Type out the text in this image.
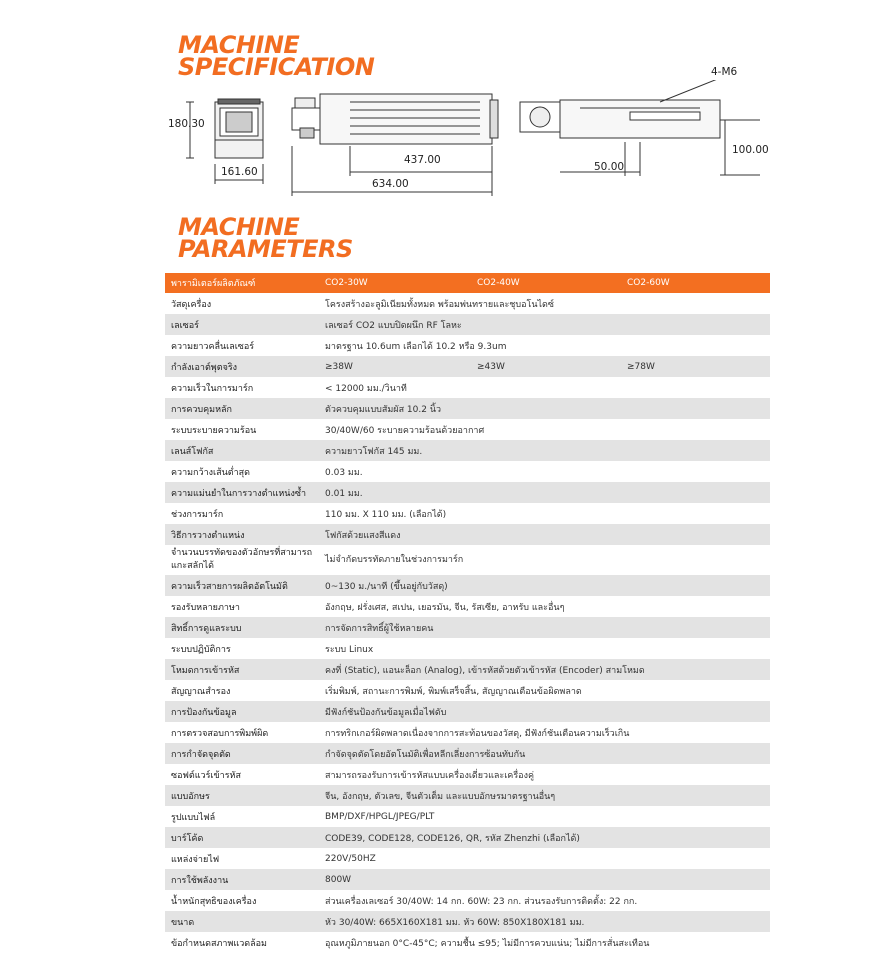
MACHINE
SPECIFICATION
MACHINE
PARAMETERS
180.30
161.60
437.00
634.00
4-M6
50.00
100.00
พารามิเตอร์ผลิตภัณฑ์	CO2-30W	CO2-40W	CO2-60W
วัสดุเครื่อง	โครงสร้างอะลูมิเนียมทั้งหมด พร้อมพ่นทรายและชุบอโนไดซ์		
เลเซอร์	เลเซอร์ CO2 แบบปิดผนึก RF โลหะ		
ความยาวคลื่นเลเซอร์	มาตรฐาน 10.6um เลือกได้ 10.2 หรือ 9.3um		
กำลังเอาต์พุตจริง	≥38W	≥43W	≥78W
ความเร็วในการมาร์ก	< 12000 มม./วินาที		
การควบคุมหลัก	ตัวควบคุมแบบสัมผัส 10.2 นิ้ว		
ระบบระบายความร้อน	30/40W/60 ระบายความร้อนด้วยอากาศ		
เลนส์โฟกัส	ความยาวโฟกัส 145 มม.		
ความกว้างเส้นต่ำสุด	0.03 มม.		
ความแม่นยำในการวางตำแหน่งซ้ำ	0.01 มม.		
ช่วงการมาร์ก	110 มม. X 110 มม. (เลือกได้)		
วิธีการวางตำแหน่ง	โฟกัสด้วยแสงสีแดง		
จำนวนบรรทัดของตัวอักษรที่สามารถแกะสลักได้	ไม่จำกัดบรรทัดภายในช่วงการมาร์ก		
ความเร็วสายการผลิตอัตโนมัติ	0~130 ม./นาที (ขึ้นอยู่กับวัสดุ)		
รองรับหลายภาษา	อังกฤษ, ฝรั่งเศส, สเปน, เยอรมัน, จีน, รัสเซีย, อาหรับ และอื่นๆ		
สิทธิ์การดูแลระบบ	การจัดการสิทธิ์ผู้ใช้หลายคน		
ระบบปฏิบัติการ	ระบบ Linux		
โหมดการเข้ารหัส	คงที่ (Static), แอนะล็อก (Analog), เข้ารหัสด้วยตัวเข้ารหัส (Encoder) สามโหมด		
สัญญาณสำรอง	เริ่มพิมพ์, สถานะการพิมพ์, พิมพ์เสร็จสิ้น, สัญญาณเตือนข้อผิดพลาด		
การป้องกันข้อมูล	มีฟังก์ชันป้องกันข้อมูลเมื่อไฟดับ		
การตรวจสอบการพิมพ์ผิด	การทริกเกอร์ผิดพลาดเนื่องจากการสะท้อนของวัสดุ, มีฟังก์ชันเตือนความเร็วเกิน		
การกำจัดจุดตัด	กำจัดจุดตัดโดยอัตโนมัติเพื่อหลีกเลี่ยงการซ้อนทับกัน		
ซอฟต์แวร์เข้ารหัส	สามารถรองรับการเข้ารหัสแบบเครื่องเดี่ยวและเครื่องคู่		
แบบอักษร	จีน, อังกฤษ, ตัวเลข, จีนตัวเต็ม และแบบอักษรมาตรฐานอื่นๆ		
รูปแบบไฟล์	BMP/DXF/HPGL/JPEG/PLT		
บาร์โค้ด	CODE39, CODE128, CODE126, QR, รหัส Zhenzhi (เลือกได้)		
แหล่งจ่ายไฟ	220V/50HZ		
การใช้พลังงาน	800W		
น้ำหนักสุทธิของเครื่อง	ส่วนเครื่องเลเซอร์ 30/40W: 14 กก. 60W: 23 กก. ส่วนรองรับการติดตั้ง: 22 กก.		
ขนาด	หัว 30/40W: 665X160X181 มม. หัว 60W: 850X180X181 มม.		
ข้อกำหนดสภาพแวดล้อม	อุณหภูมิภายนอก 0°C-45°C; ความชื้น ≤95; ไม่มีการควบแน่น; ไม่มีการสั่นสะเทือน		
